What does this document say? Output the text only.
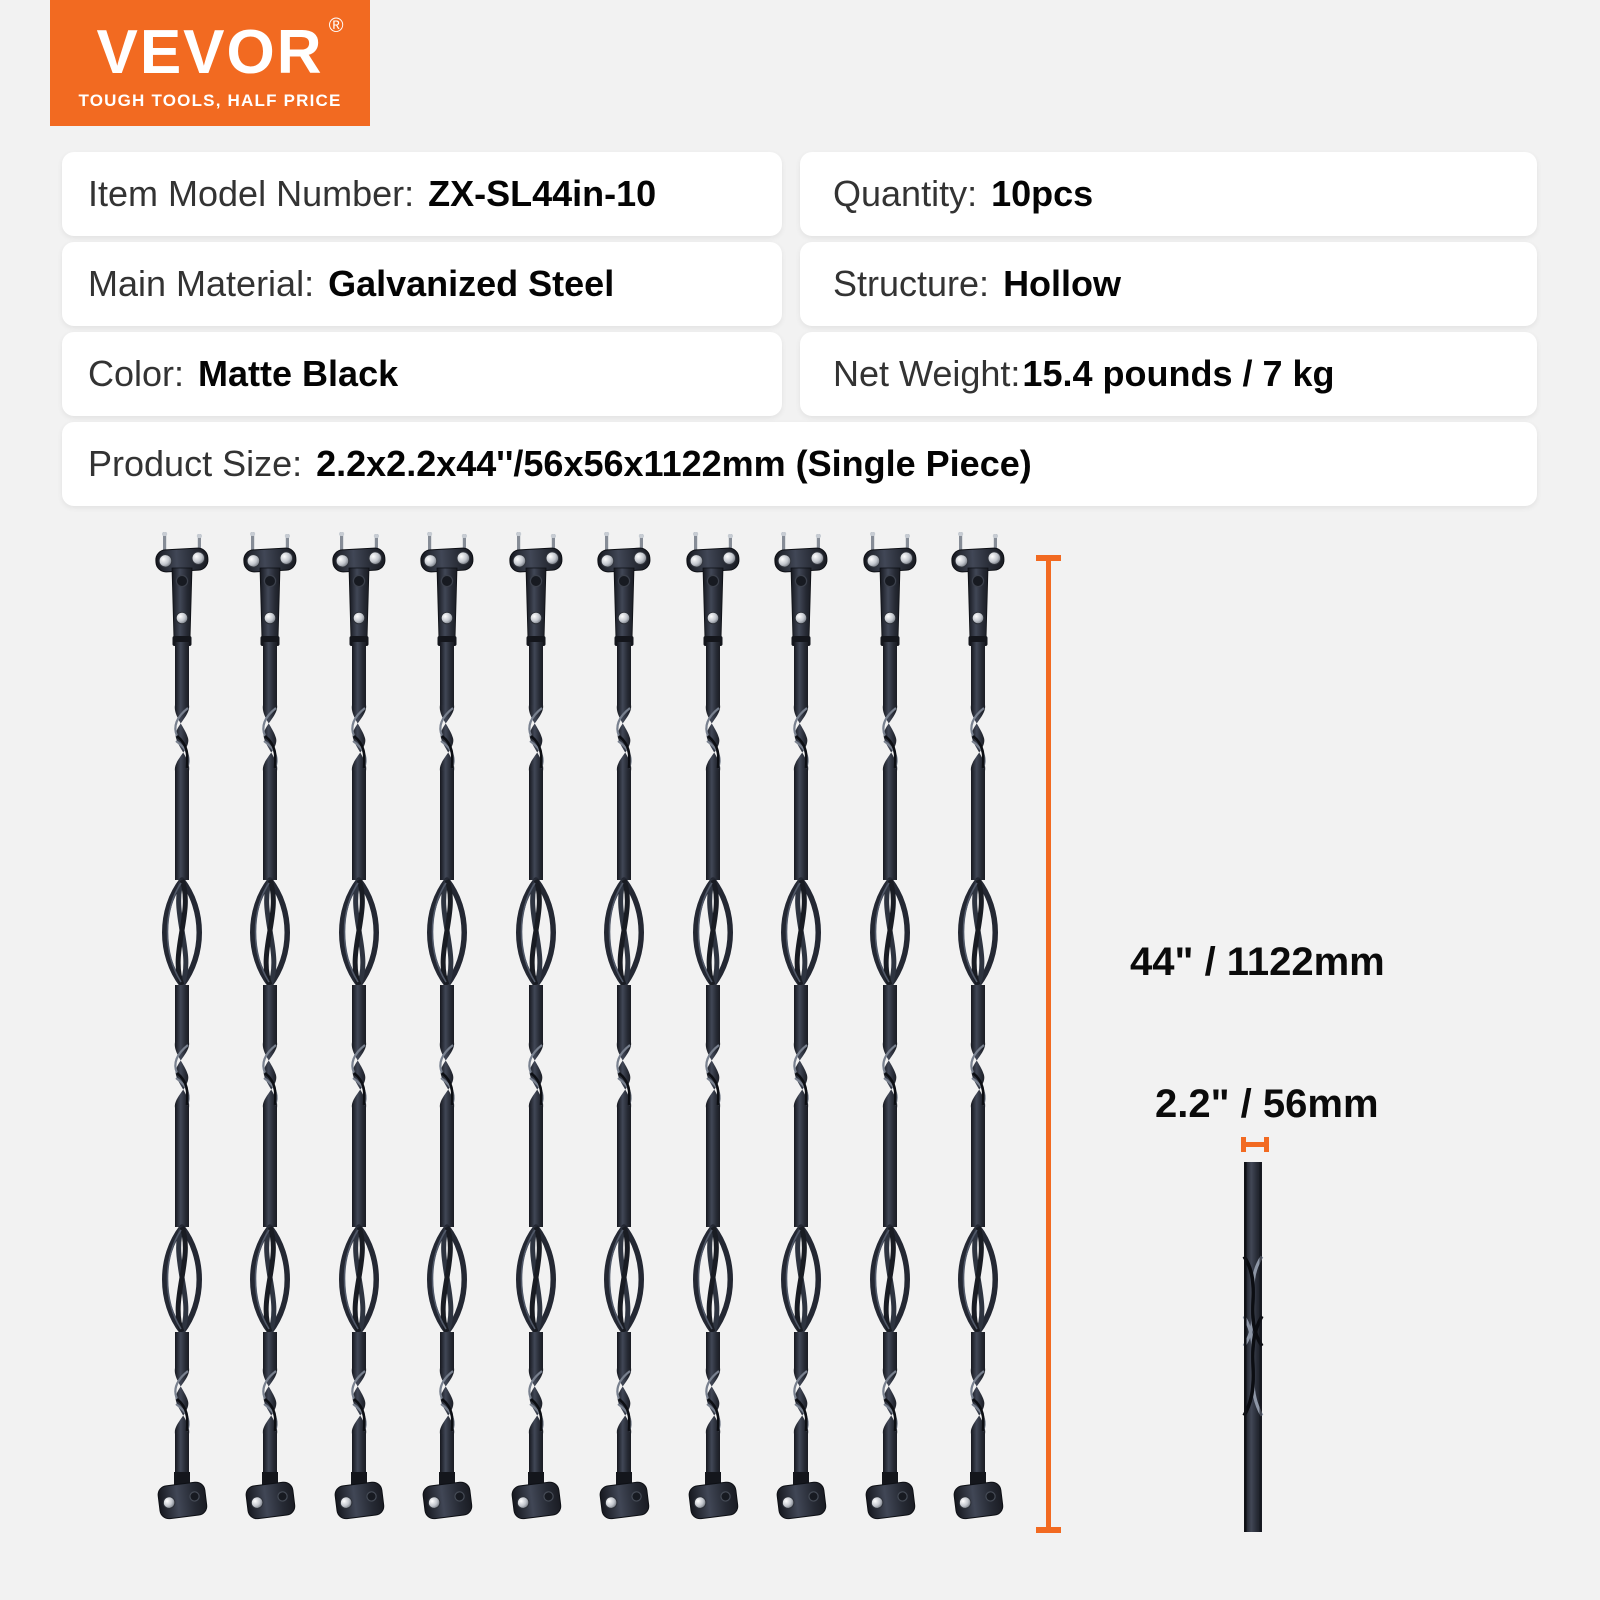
VEVOR ®
TOUGH TOOLS, HALF PRICE
Item Model Number: ZX-SL44in-10	Quantity: 10pcs
Main Material: Galvanized Steel	Structure: Hollow
Color: Matte Black	Net Weight: 15.4 pounds / 7 kg
Product Size: 2.2x2.2x44''/56x56x1122mm (Single Piece)
44" / 1122mm
2.2" / 56mm
